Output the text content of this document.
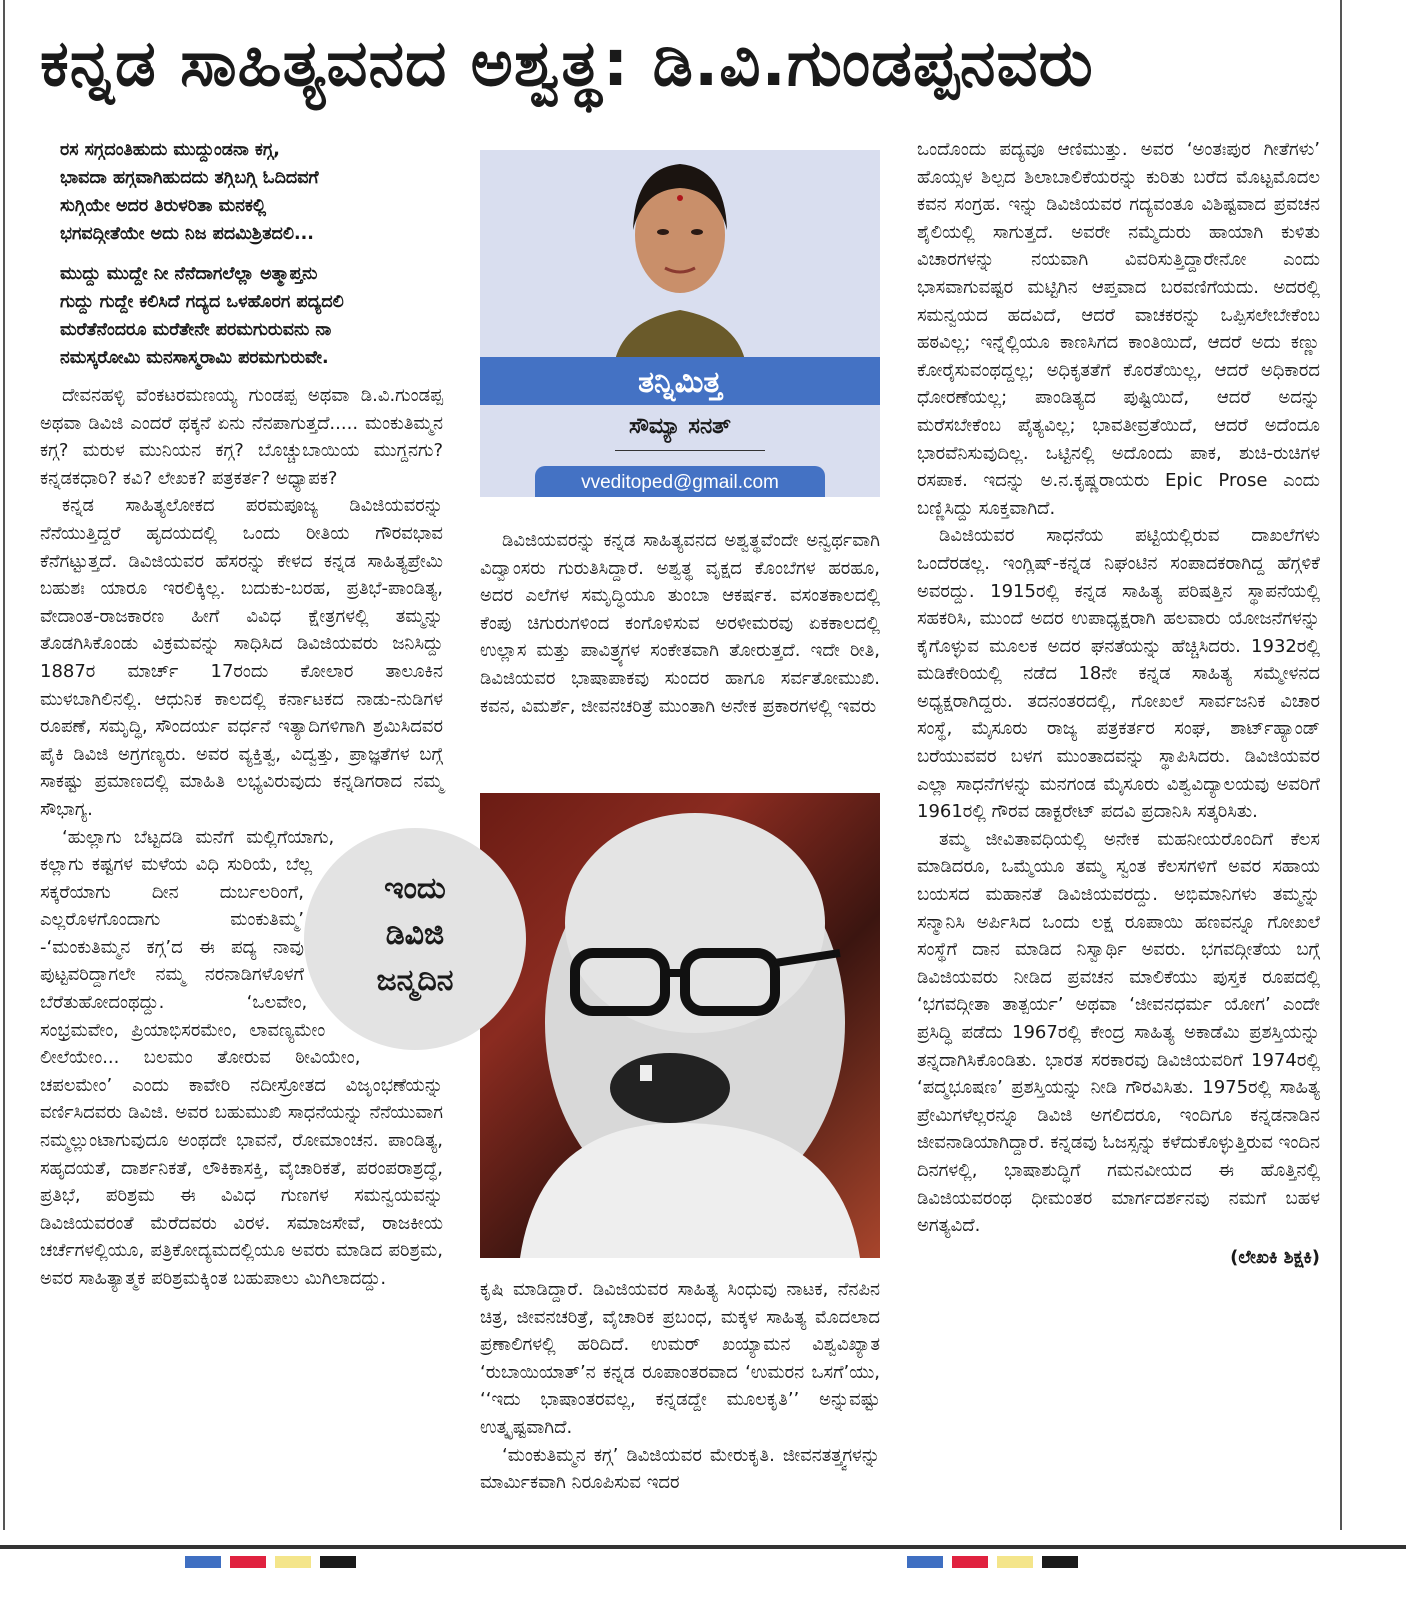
ಕನ್ನಡ ಸಾಹಿತ್ಯವನದ ಅಶ್ವತ್ಥ: ಡಿ.ವಿ.ಗುಂಡಪ್ಪನವರು
ರಸ ಸಗ್ಗದಂತಿಹುದು ಮುದ್ದುಂಡನಾ ಕಗ್ಗ,
ಭಾವದಾ ಹಗ್ಗವಾಗಿಹುದದು ತಗ್ಗಿಬಗ್ಗಿ ಓದಿದವಗೆ
ಸುಗ್ಗಿಯೇ ಅದರ ತಿರುಳರಿತಾ ಮನಕಲ್ಲಿ
ಭಗವದ್ಗೀತೆಯೇ ಅದು ನಿಜ ಪದಮಿಶ್ರಿತದಲಿ...
ಮುದ್ದು ಮುದ್ದೇ ನೀ ನೆನೆದಾಗಲೆಲ್ಲಾ ಅತ್ಮಾಪ್ತನು
ಗುದ್ದು ಗುದ್ದೇ ಕಲಿಸಿದೆ ಗದ್ಯದ ಒಳಹೊರಗ ಪದ್ಯದಲಿ
ಮರೆತೆನೆಂದರೂ ಮರೆತೇನೇ ಪರಮಗುರುವನು ನಾ
ನಮಸ್ಕರೋಮಿ ಮನಸಾಸ್ಮರಾಮಿ ಪರಮಗುರುವೇ.

ದೇವನಹಳ್ಳಿ ವೆಂಕಟರಮಣಯ್ಯ ಗುಂಡಪ್ಪ ಅಥವಾ ಡಿ.ವಿ.ಗುಂಡಪ್ಪ ಅಥವಾ ಡಿವಿಜಿ ಎಂದರೆ ಥಕ್ಕನೆ ಏನು ನೆನಪಾಗುತ್ತದೆ..... ಮಂಕುತಿಮ್ಮನ ಕಗ್ಗ? ಮರುಳ ಮುನಿಯನ ಕಗ್ಗ? ಬೊಚ್ಚುಬಾಯಿಯ ಮುಗ್ದನಗು? ಕನ್ನಡಕಧಾರಿ? ಕವಿ? ಲೇಖಕ? ಪತ್ರಕರ್ತ? ಅಧ್ಯಾಪಕ?

ಕನ್ನಡ ಸಾಹಿತ್ಯಲೋಕದ ಪರಮಪೂಜ್ಯ ಡಿವಿಜಿಯವರನ್ನು ನೆನೆಯುತ್ತಿದ್ದರೆ ಹೃದಯದಲ್ಲಿ ಒಂದು ರೀತಿಯ ಗೌರವಭಾವ ಕೆನೆಗಟ್ಟುತ್ತದೆ. ಡಿವಿಜಿಯವರ ಹೆಸರನ್ನು ಕೇಳದ ಕನ್ನಡ ಸಾಹಿತ್ಯಪ್ರೇಮಿ ಬಹುಶಃ ಯಾರೂ ಇರಲಿಕ್ಕಿಲ್ಲ. ಬದುಕು-ಬರಹ, ಪ್ರತಿಭೆ-ಪಾಂಡಿತ್ಯ, ವೇದಾಂತ-ರಾಜಕಾರಣ ಹೀಗೆ ವಿವಿಧ ಕ್ಷೇತ್ರಗಳಲ್ಲಿ ತಮ್ಮನ್ನು ತೊಡಗಿಸಿಕೊಂಡು ವಿಕ್ರಮವನ್ನು ಸಾಧಿಸಿದ ಡಿವಿಜಿಯವರು ಜನಿಸಿದ್ದು 1887ರ ಮಾರ್ಚ್ 17ರಂದು ಕೋಲಾರ ತಾಲೂಕಿನ ಮುಳಬಾಗಿಲಿನಲ್ಲಿ. ಆಧುನಿಕ ಕಾಲದಲ್ಲಿ ಕರ್ನಾಟಕದ ನಾಡು-ನುಡಿಗಳ ರೂಪಣೆ, ಸಮೃದ್ಧಿ, ಸೌಂದರ್ಯ ವರ್ಧನೆ ಇತ್ಯಾದಿಗಳಿಗಾಗಿ ಶ್ರಮಿಸಿದವರ ಪೈಕಿ ಡಿವಿಜಿ ಅಗ್ರಗಣ್ಯರು. ಅವರ ವ್ಯಕ್ತಿತ್ವ, ವಿದ್ವತ್ತು, ಪ್ರಾಜ್ಞತೆಗಳ ಬಗ್ಗೆ ಸಾಕಷ್ಟು ಪ್ರಮಾಣದಲ್ಲಿ ಮಾಹಿತಿ ಲಭ್ಯವಿರುವುದು ಕನ್ನಡಿಗರಾದ ನಮ್ಮ ಸೌಭಾಗ್ಯ.

ಇಂದು
ಡಿವಿಜಿ
ಜನ್ಮದಿನ

‘ಹುಲ್ಲಾಗು ಬೆಟ್ಟದಡಿ ಮನೆಗೆ ಮಲ್ಲಿಗೆಯಾಗು, ಕಲ್ಲಾಗು ಕಷ್ಟಗಳ ಮಳೆಯ ವಿಧಿ ಸುರಿಯೆ, ಬೆಲ್ಲ ಸಕ್ಕರೆಯಾಗು ದೀನ ದುರ್ಬಲರಿಂಗೆ, ಎಲ್ಲರೊಳಗೊಂದಾಗು ಮಂಕುತಿಮ್ಮ’ -‘ಮಂಕುತಿಮ್ಮನ ಕಗ್ಗ’ದ ಈ ಪದ್ಯ ನಾವು ಪುಟ್ಟವರಿದ್ದಾಗಲೇ ನಮ್ಮ ನರನಾಡಿಗಳೊಳಗೆ ಬೆರೆತುಹೋದಂಥದ್ದು. ‘ಒಲವೇಂ, ಸಂಭ್ರಮವೇಂ, ಪ್ರಿಯಾಭಿಸರಮೇಂ, ಲಾವಣ್ಯಮೇಂ ಲೀಲೆಯೇಂ... ಬಲಮಂ ತೋರುವ ಠೀವಿಯೇಂ, ಚಪಲಮೇಂ’ ಎಂದು ಕಾವೇರಿ ನದೀಸ್ರೋತದ ವಿಜೃಂಭಣೆಯನ್ನು ವರ್ಣಿಸಿದವರು ಡಿವಿಜಿ. ಅವರ ಬಹುಮುಖಿ ಸಾಧನೆಯನ್ನು ನೆನೆಯುವಾಗ ನಮ್ಮಲ್ಲುಂಟಾಗುವುದೂ ಅಂಥದೇ ಭಾವನೆ, ರೋಮಾಂಚನ. ಪಾಂಡಿತ್ಯ, ಸಹೃದಯತೆ, ದಾರ್ಶನಿಕತೆ, ಲೌಕಿಕಾಸಕ್ತಿ, ವೈಚಾರಿಕತೆ, ಪರಂಪರಾಶ್ರದ್ಧೆ, ಪ್ರತಿಭೆ, ಪರಿಶ್ರಮ ಈ ವಿವಿಧ ಗುಣಗಳ ಸಮನ್ವಯವನ್ನು ಡಿವಿಜಿಯವರಂತೆ ಮೆರೆದವರು ವಿರಳ. ಸಮಾಜಸೇವೆ, ರಾಜಕೀಯ ಚರ್ಚೆಗಳಲ್ಲಿಯೂ, ಪತ್ರಿಕೋದ್ಯಮದಲ್ಲಿಯೂ ಅವರು ಮಾಡಿದ ಪರಿಶ್ರಮ, ಅವರ ಸಾಹಿತ್ಯಾತ್ಮಕ ಪರಿಶ್ರಮಕ್ಕಿಂತ ಬಹುಪಾಲು ಮಿಗಿಲಾದದ್ದು.

ತನ್ನಿಮಿತ್ತ
ಸೌಮ್ಯಾ ಸನತ್
vveditoped@gmail.com

ಡಿವಿಜಿಯವರನ್ನು ಕನ್ನಡ ಸಾಹಿತ್ಯವನದ ಅಶ್ವತ್ಥವೆಂದೇ ಅನ್ವರ್ಥವಾಗಿ ವಿದ್ವಾಂಸರು ಗುರುತಿಸಿದ್ದಾರೆ. ಅಶ್ವತ್ಥ ವೃಕ್ಷದ ಕೊಂಬೆಗಳ ಹರಹೂ, ಅದರ ಎಲೆಗಳ ಸಮೃದ್ಧಿಯೂ ತುಂಬಾ ಆಕರ್ಷಕ. ವಸಂತಕಾಲದಲ್ಲಿ ಕೆಂಪು ಚಿಗುರುಗಳಿಂದ ಕಂಗೊಳಿಸುವ ಅರಳೀಮರವು ಏಕಕಾಲದಲ್ಲಿ ಉಲ್ಲಾಸ ಮತ್ತು ಪಾವಿತ್ರ್ಯಗಳ ಸಂಕೇತವಾಗಿ ತೋರುತ್ತದೆ. ಇದೇ ರೀತಿ, ಡಿವಿಜಿಯವರ ಭಾಷಾಪಾಕವು ಸುಂದರ ಹಾಗೂ ಸರ್ವತೋಮುಖಿ. ಕವನ, ವಿಮರ್ಶೆ, ಜೀವನಚರಿತ್ರೆ ಮುಂತಾಗಿ ಅನೇಕ ಪ್ರಕಾರಗಳಲ್ಲಿ ಇವರು

ಕೃಷಿ ಮಾಡಿದ್ದಾರೆ. ಡಿವಿಜಿಯವರ ಸಾಹಿತ್ಯ ಸಿಂಧುವು ನಾಟಕ, ನೆನಪಿನ ಚಿತ್ರ, ಜೀವನಚರಿತ್ರೆ, ವೈಚಾರಿಕ ಪ್ರಬಂಧ, ಮಕ್ಕಳ ಸಾಹಿತ್ಯ ಮೊದಲಾದ ಪ್ರಣಾಲಿಗಳಲ್ಲಿ ಹರಿದಿದೆ. ಉಮರ್ ಖಯ್ಯಾಮನ ವಿಶ್ವವಿಖ್ಯಾತ ‘ರುಬಾಯಿಯಾತ್’ನ ಕನ್ನಡ ರೂಪಾಂತರವಾದ ‘ಉಮರನ ಒಸಗೆ’ಯು, ‘‘ಇದು ಭಾಷಾಂತರವಲ್ಲ, ಕನ್ನಡದ್ದೇ ಮೂಲಕೃತಿ’’ ಅನ್ನುವಷ್ಟು ಉತ್ಕೃಷ್ಟವಾಗಿದೆ.

‘ಮಂಕುತಿಮ್ಮನ ಕಗ್ಗ’ ಡಿವಿಜಿಯವರ ಮೇರುಕೃತಿ. ಜೀವನತತ್ತ್ವಗಳನ್ನು ಮಾರ್ಮಿಕವಾಗಿ ನಿರೂಪಿಸುವ ಇದರ

ಒಂದೊಂದು ಪದ್ಯವೂ ಆಣಿಮುತ್ತು. ಅವರ ‘ಅಂತಃಪುರ ಗೀತೆಗಳು’ ಹೊಯ್ಸಳ ಶಿಲ್ಪದ ಶಿಲಾಬಾಲಿಕೆಯರನ್ನು ಕುರಿತು ಬರೆದ ಮೊಟ್ಟಮೊದಲ ಕವನ ಸಂಗ್ರಹ. ಇನ್ನು ಡಿವಿಜಿಯವರ ಗದ್ಯವಂತೂ ವಿಶಿಷ್ಟವಾದ ಪ್ರವಚನ ಶೈಲಿಯಲ್ಲಿ ಸಾಗುತ್ತದೆ. ಅವರೇ ನಮ್ಮೆದುರು ಹಾಯಾಗಿ ಕುಳಿತು ವಿಚಾರಗಳನ್ನು ನಯವಾಗಿ ವಿವರಿಸುತ್ತಿದ್ದಾರೇನೋ ಎಂದು ಭಾಸವಾಗುವಷ್ಟರ ಮಟ್ಟಿಗಿನ ಆಪ್ತವಾದ ಬರವಣಿಗೆಯದು. ಅದರಲ್ಲಿ ಸಮನ್ವಯದ ಹದವಿದೆ, ಆದರೆ ವಾಚಕರನ್ನು ಒಪ್ಪಿಸಲೇಬೇಕೆಂಬ ಹಠವಿಲ್ಲ; ಇನ್ನೆಲ್ಲಿಯೂ ಕಾಣಸಿಗದ ಕಾಂತಿಯಿದೆ, ಆದರೆ ಅದು ಕಣ್ಣು ಕೋರೈಸುವಂಥದ್ದಲ್ಲ; ಅಧಿಕೃತತೆಗೆ ಕೊರತೆಯಿಲ್ಲ, ಆದರೆ ಅಧಿಕಾರದ ಧೋರಣೆಯಲ್ಲ; ಪಾಂಡಿತ್ಯದ ಪುಷ್ಟಿಯಿದೆ, ಆದರೆ ಅದನ್ನು ಮರೆಸಬೇಕೆಂಬ ಪೈತ್ಯವಿಲ್ಲ; ಭಾವತೀವ್ರತೆಯಿದೆ, ಆದರೆ ಅದೆಂದೂ ಭಾರವೆನಿಸುವುದಿಲ್ಲ. ಒಟ್ಟಿನಲ್ಲಿ ಅದೊಂದು ಪಾಕ, ಶುಚಿ-ರುಚಿಗಳ ರಸಪಾಕ. ಇದನ್ನು ಅ.ನ.ಕೃಷ್ಣರಾಯರು Epic Prose ಎಂದು ಬಣ್ಣಿಸಿದ್ದು ಸೂಕ್ತವಾಗಿದೆ.

ಡಿವಿಜಿಯವರ ಸಾಧನೆಯ ಪಟ್ಟಿಯಲ್ಲಿರುವ ದಾಖಲೆಗಳು ಒಂದೆರಡಲ್ಲ. ಇಂಗ್ಲಿಷ್-ಕನ್ನಡ ನಿಘಂಟಿನ ಸಂಪಾದಕರಾಗಿದ್ದ ಹೆಗ್ಗಳಿಕೆ ಅವರದ್ದು. 1915ರಲ್ಲಿ ಕನ್ನಡ ಸಾಹಿತ್ಯ ಪರಿಷತ್ತಿನ ಸ್ಥಾಪನೆಯಲ್ಲಿ ಸಹಕರಿಸಿ, ಮುಂದೆ ಅದರ ಉಪಾಧ್ಯಕ್ಷರಾಗಿ ಹಲವಾರು ಯೋಜನೆಗಳನ್ನು ಕೈಗೊಳ್ಳುವ ಮೂಲಕ ಅದರ ಘನತೆಯನ್ನು ಹೆಚ್ಚಿಸಿದರು. 1932ರಲ್ಲಿ ಮಡಿಕೇರಿಯಲ್ಲಿ ನಡೆದ 18ನೇ ಕನ್ನಡ ಸಾಹಿತ್ಯ ಸಮ್ಮೇಳನದ ಅಧ್ಯಕ್ಷರಾಗಿದ್ದರು. ತದನಂತರದಲ್ಲಿ, ಗೋಖಲೆ ಸಾರ್ವಜನಿಕ ವಿಚಾರ ಸಂಸ್ಥೆ, ಮೈಸೂರು ರಾಜ್ಯ ಪತ್ರಕರ್ತರ ಸಂಘ, ಶಾರ್ಟ್‌ಹ್ಯಾಂಡ್ ಬರೆಯುವವರ ಬಳಗ ಮುಂತಾದವನ್ನು ಸ್ಥಾಪಿಸಿದರು. ಡಿವಿಜಿಯವರ ಎಲ್ಲಾ ಸಾಧನೆಗಳನ್ನು ಮನಗಂಡ ಮೈಸೂರು ವಿಶ್ವವಿದ್ಯಾಲಯವು ಅವರಿಗೆ 1961ರಲ್ಲಿ ಗೌರವ ಡಾಕ್ಟರೇಟ್ ಪದವಿ ಪ್ರದಾನಿಸಿ ಸತ್ಕರಿಸಿತು.

ತಮ್ಮ ಜೀವಿತಾವಧಿಯಲ್ಲಿ ಅನೇಕ ಮಹನೀಯರೊಂದಿಗೆ ಕೆಲಸ ಮಾಡಿದರೂ, ಒಮ್ಮೆಯೂ ತಮ್ಮ ಸ್ವಂತ ಕೆಲಸಗಳಿಗೆ ಅವರ ಸಹಾಯ ಬಯಸದ ಮಹಾನತೆ ಡಿವಿಜಿಯವರದ್ದು. ಅಭಿಮಾನಿಗಳು ತಮ್ಮನ್ನು ಸನ್ಮಾನಿಸಿ ಅರ್ಪಿಸಿದ ಒಂದು ಲಕ್ಷ ರೂಪಾಯಿ ಹಣವನ್ನೂ ಗೋಖಲೆ ಸಂಸ್ಥೆಗೆ ದಾನ ಮಾಡಿದ ನಿಸ್ವಾರ್ಥಿ ಅವರು. ಭಗವದ್ಗೀತೆಯ ಬಗ್ಗೆ ಡಿವಿಜಿಯವರು ನೀಡಿದ ಪ್ರವಚನ ಮಾಲಿಕೆಯು ಪುಸ್ತಕ ರೂಪದಲ್ಲಿ ‘ಭಗವದ್ಗೀತಾ ತಾತ್ಪರ್ಯ’ ಅಥವಾ ‘ಜೀವನಧರ್ಮ ಯೋಗ’ ಎಂದೇ ಪ್ರಸಿದ್ಧಿ ಪಡೆದು 1967ರಲ್ಲಿ ಕೇಂದ್ರ ಸಾಹಿತ್ಯ ಅಕಾಡೆಮಿ ಪ್ರಶಸ್ತಿಯನ್ನು ತನ್ನದಾಗಿಸಿಕೊಂಡಿತು. ಭಾರತ ಸರಕಾರವು ಡಿವಿಜಿಯವರಿಗೆ 1974ರಲ್ಲಿ ‘ಪದ್ಮಭೂಷಣ’ ಪ್ರಶಸ್ತಿಯನ್ನು ನೀಡಿ ಗೌರವಿಸಿತು. 1975ರಲ್ಲಿ ಸಾಹಿತ್ಯ ಪ್ರೇಮಿಗಳೆಲ್ಲರನ್ನೂ ಡಿವಿಜಿ ಅಗಲಿದರೂ, ಇಂದಿಗೂ ಕನ್ನಡನಾಡಿನ ಜೀವನಾಡಿಯಾಗಿದ್ದಾರೆ. ಕನ್ನಡವು ಓಜಸ್ಸನ್ನು ಕಳೆದುಕೊಳ್ಳುತ್ತಿರುವ ಇಂದಿನ ದಿನಗಳಲ್ಲಿ, ಭಾಷಾಶುದ್ಧಿಗೆ ಗಮನವೀಯದ ಈ ಹೊತ್ತಿನಲ್ಲಿ ಡಿವಿಜಿಯವರಂಥ ಧೀಮಂತರ ಮಾರ್ಗದರ್ಶನವು ನಮಗೆ ಬಹಳ ಅಗತ್ಯವಿದೆ.

(ಲೇಖಕಿ ಶಿಕ್ಷಕಿ)
